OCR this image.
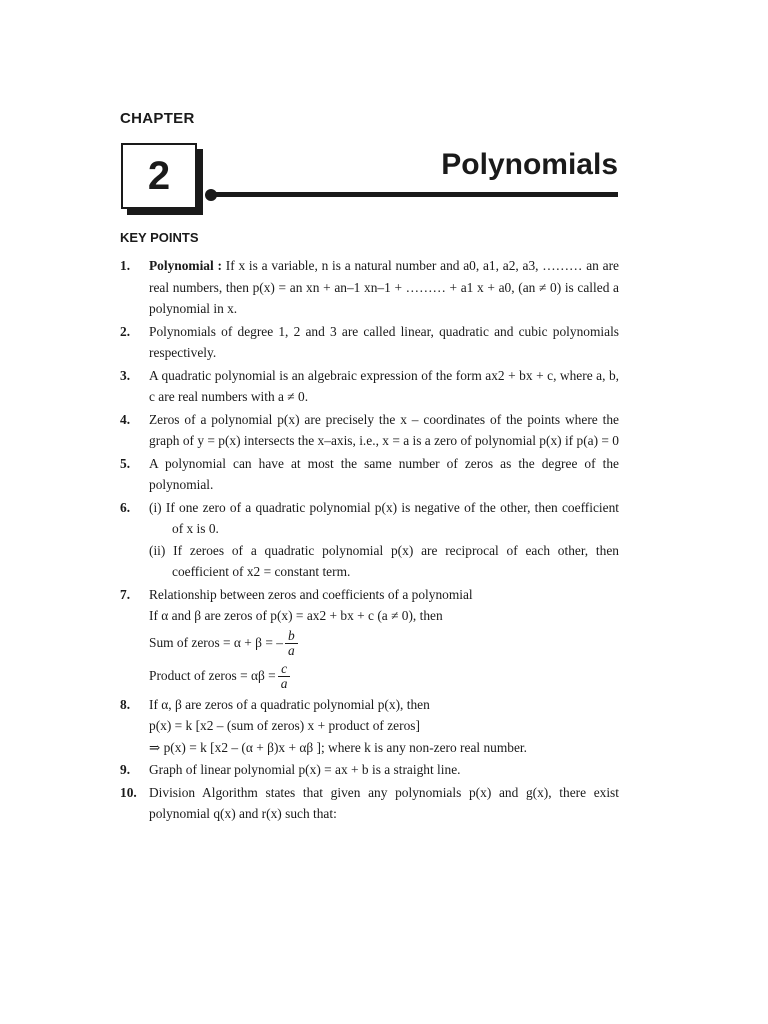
CHAPTER
2	Polynomials
KEY POINTS
1. Polynomial : If x is a variable, n is a natural number and a0, a1, a2, a3, ……… an are real numbers, then p(x) = an xn + an–1 xn–1 + ……… + a1 x + a0, (an ≠ 0) is called a polynomial in x.
2. Polynomials of degree 1, 2 and 3 are called linear, quadratic and cubic polynomials respectively.
3. A quadratic polynomial is an algebraic expression of the form ax2 + bx + c, where a, b, c are real numbers with a ≠ 0.
4. Zeros of a polynomial p(x) are precisely the x – coordinates of the points where the graph of y = p(x) intersects the x–axis, i.e., x = a is a zero of polynomial p(x) if p(a) = 0
5. A polynomial can have at most the same number of zeros as the degree of the polynomial.
6. (i) If one zero of a quadratic polynomial p(x) is negative of the other, then coefficient of x is 0.
(ii) If zeroes of a quadratic polynomial p(x) are reciprocal of each other, then coefficient of x2 = constant term.
7. Relationship between zeros and coefficients of a polynomial
If α and β are zeros of p(x) = ax2 + bx + c (a ≠ 0), then
Sum of zeros = α + β = – $\frac{b}{a}$
Product of zeros = $\alpha\beta = \frac{c}{a}$
8. If α, β are zeros of a quadratic polynomial p(x), then
p(x) = k [x2 – (sum of zeros) x + product of zeros]
⇒ p(x) = k [x2 – (α + β)x + αβ ]; where k is any non-zero real number.
9. Graph of linear polynomial p(x) = ax + b is a straight line.
10. Division Algorithm states that given any polynomials p(x) and g(x), there exist polynomial q(x) and r(x) such that:
